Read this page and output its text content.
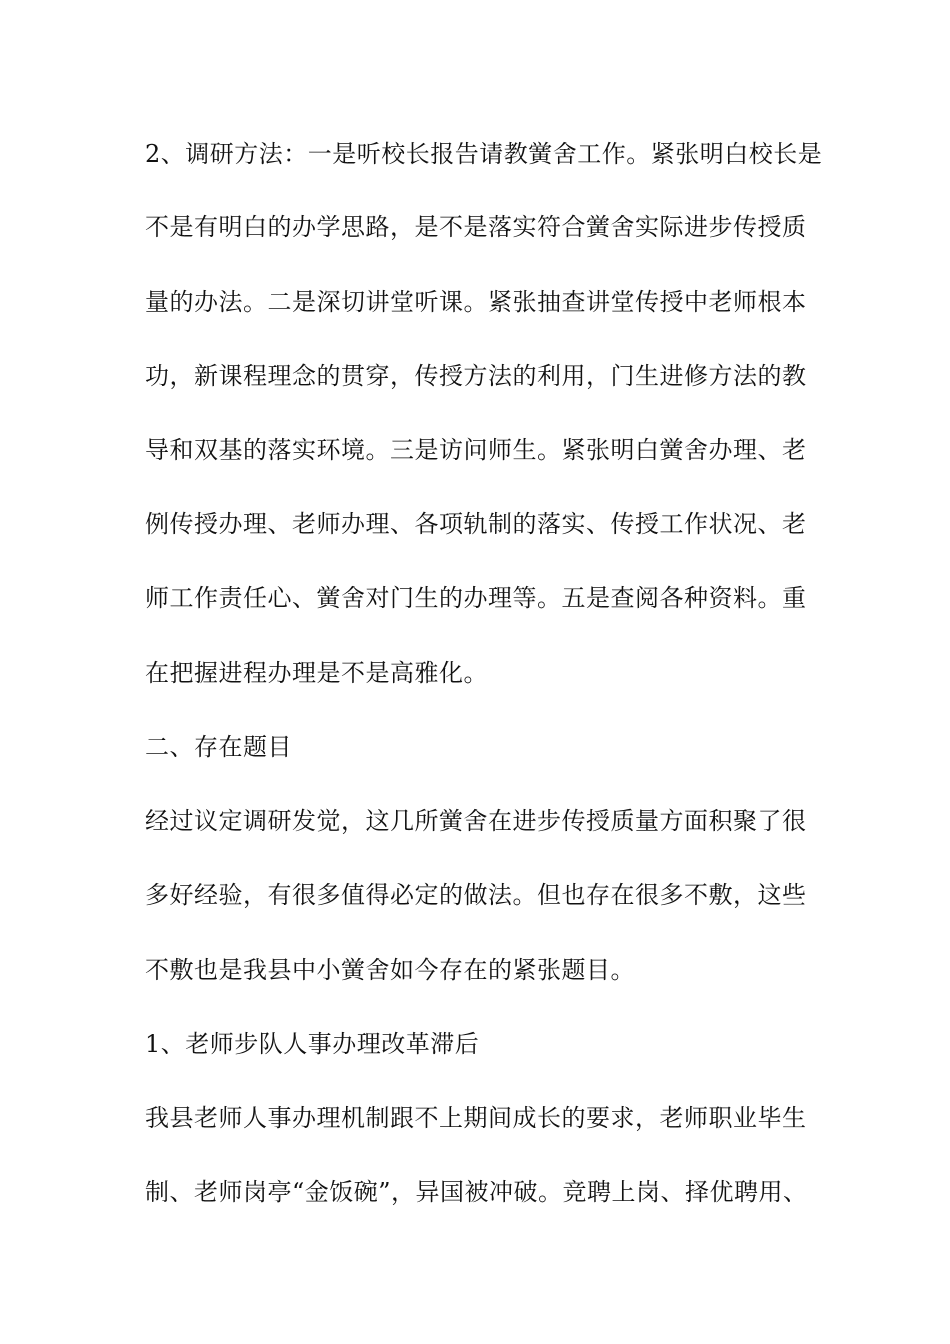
2、调研方法：一是听校长报告请教黉舍工作。紧张明白校长是
不是有明白的办学思路，是不是落实符合黉舍实际进步传授质
量的办法。二是深切讲堂听课。紧张抽查讲堂传授中老师根本
功，新课程理念的贯穿，传授方法的利用，门生进修方法的教
导和双基的落实环境。三是访问师生。紧张明白黉舍办理、老
例传授办理、老师办理、各项轨制的落实、传授工作状况、老
师工作责任心、黉舍对门生的办理等。五是查阅各种资料。重
在把握进程办理是不是高雅化。
二、存在题目
经过议定调研发觉，这几所黉舍在进步传授质量方面积聚了很
多好经验，有很多值得必定的做法。但也存在很多不敷，这些
不敷也是我县中小黉舍如今存在的紧张题目。
1、老师步队人事办理改革滞后
我县老师人事办理机制跟不上期间成长的要求，老师职业毕生
制、老师岗亭“金饭碗”，异国被冲破。竞聘上岗、择优聘用、
